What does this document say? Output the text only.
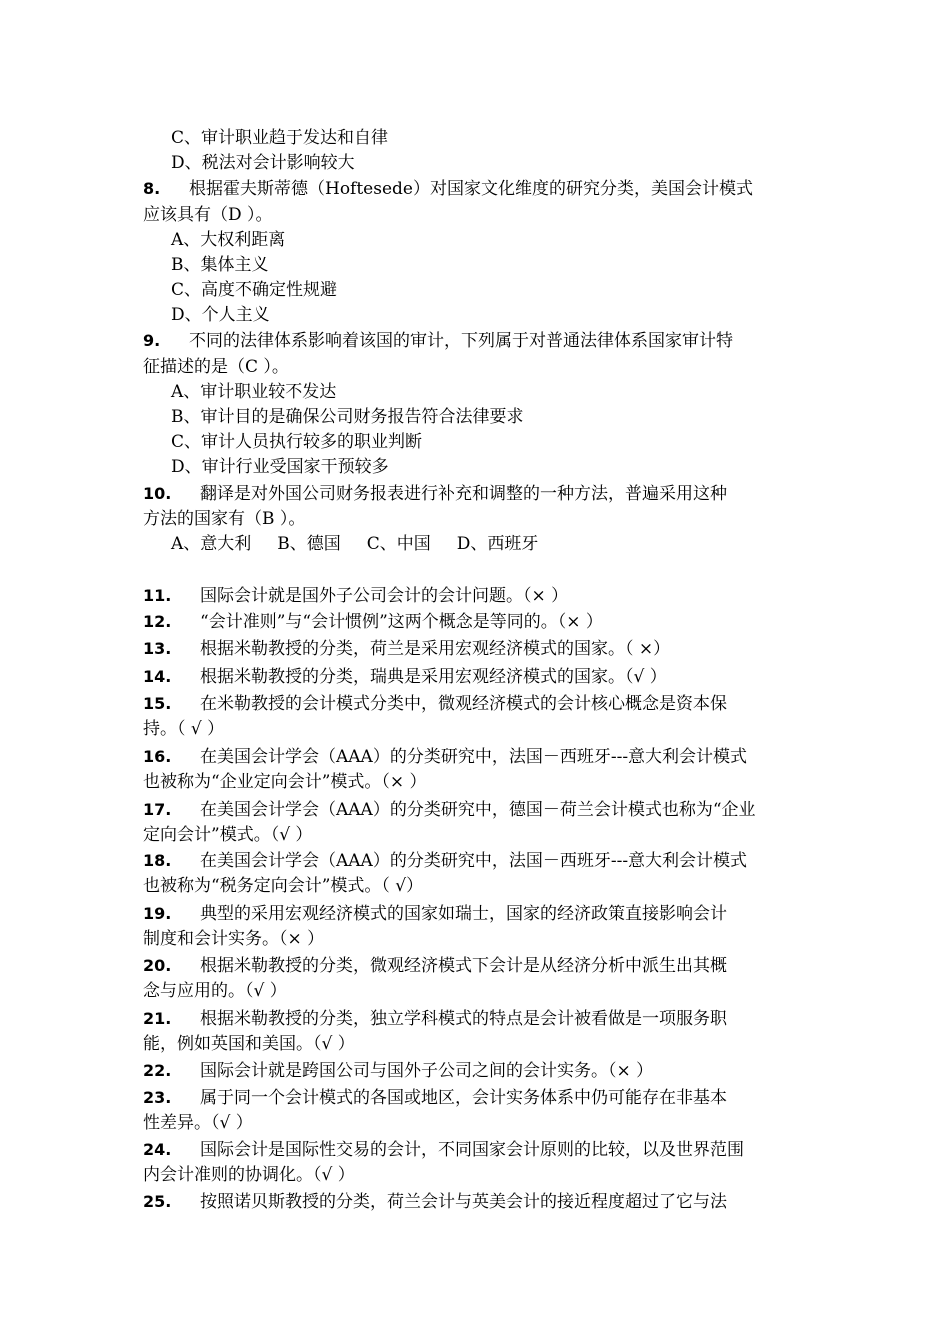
C、审计职业趋于发达和自律
D、税法对会计影响较大
8. 根据霍夫斯蒂德（Hoftesede）对国家文化维度的研究分类，美国会计模式
应该具有（D ）。
A、大权利距离
B、集体主义
C、高度不确定性规避
D、个人主义
9. 不同的法律体系影响着该国的审计，下列属于对普通法律体系国家审计特
征描述的是（C ）。
A、审计职业较不发达
B、审计目的是确保公司财务报告符合法律要求
C、审计人员执行较多的职业判断
D、审计行业受国家干预较多
10. 翻译是对外国公司财务报表进行补充和调整的一种方法，普遍采用这种
方法的国家有（B ）。
A、意大利 B、德国 C、中国 D、西班牙
11. 国际会计就是国外子公司会计的会计问题。（× ）
12. “会计准则”与“会计惯例”这两个概念是等同的。（× ）
13. 根据米勒教授的分类，荷兰是采用宏观经济模式的国家。（ ×）
14. 根据米勒教授的分类，瑞典是采用宏观经济模式的国家。（√ ）
15. 在米勒教授的会计模式分类中，微观经济模式的会计核心概念是资本保
持。（ √ ）
16. 在美国会计学会（AAA）的分类研究中，法国－西班牙---意大利会计模式
也被称为“企业定向会计”模式。（× ）
17. 在美国会计学会（AAA）的分类研究中，德国－荷兰会计模式也称为“企业
定向会计”模式。（√ ）
18. 在美国会计学会（AAA）的分类研究中，法国－西班牙---意大利会计模式
也被称为“税务定向会计”模式。（ √）
19. 典型的采用宏观经济模式的国家如瑞士，国家的经济政策直接影响会计
制度和会计实务。（× ）
20. 根据米勒教授的分类，微观经济模式下会计是从经济分析中派生出其概
念与应用的。（√ ）
21. 根据米勒教授的分类，独立学科模式的特点是会计被看做是一项服务职
能，例如英国和美国。（√ ）
22. 国际会计就是跨国公司与国外子公司之间的会计实务。（× ）
23. 属于同一个会计模式的各国或地区，会计实务体系中仍可能存在非基本
性差异。（√ ）
24. 国际会计是国际性交易的会计，不同国家会计原则的比较，以及世界范围
内会计准则的协调化。（√ ）
25. 按照诺贝斯教授的分类，荷兰会计与英美会计的接近程度超过了它与法
